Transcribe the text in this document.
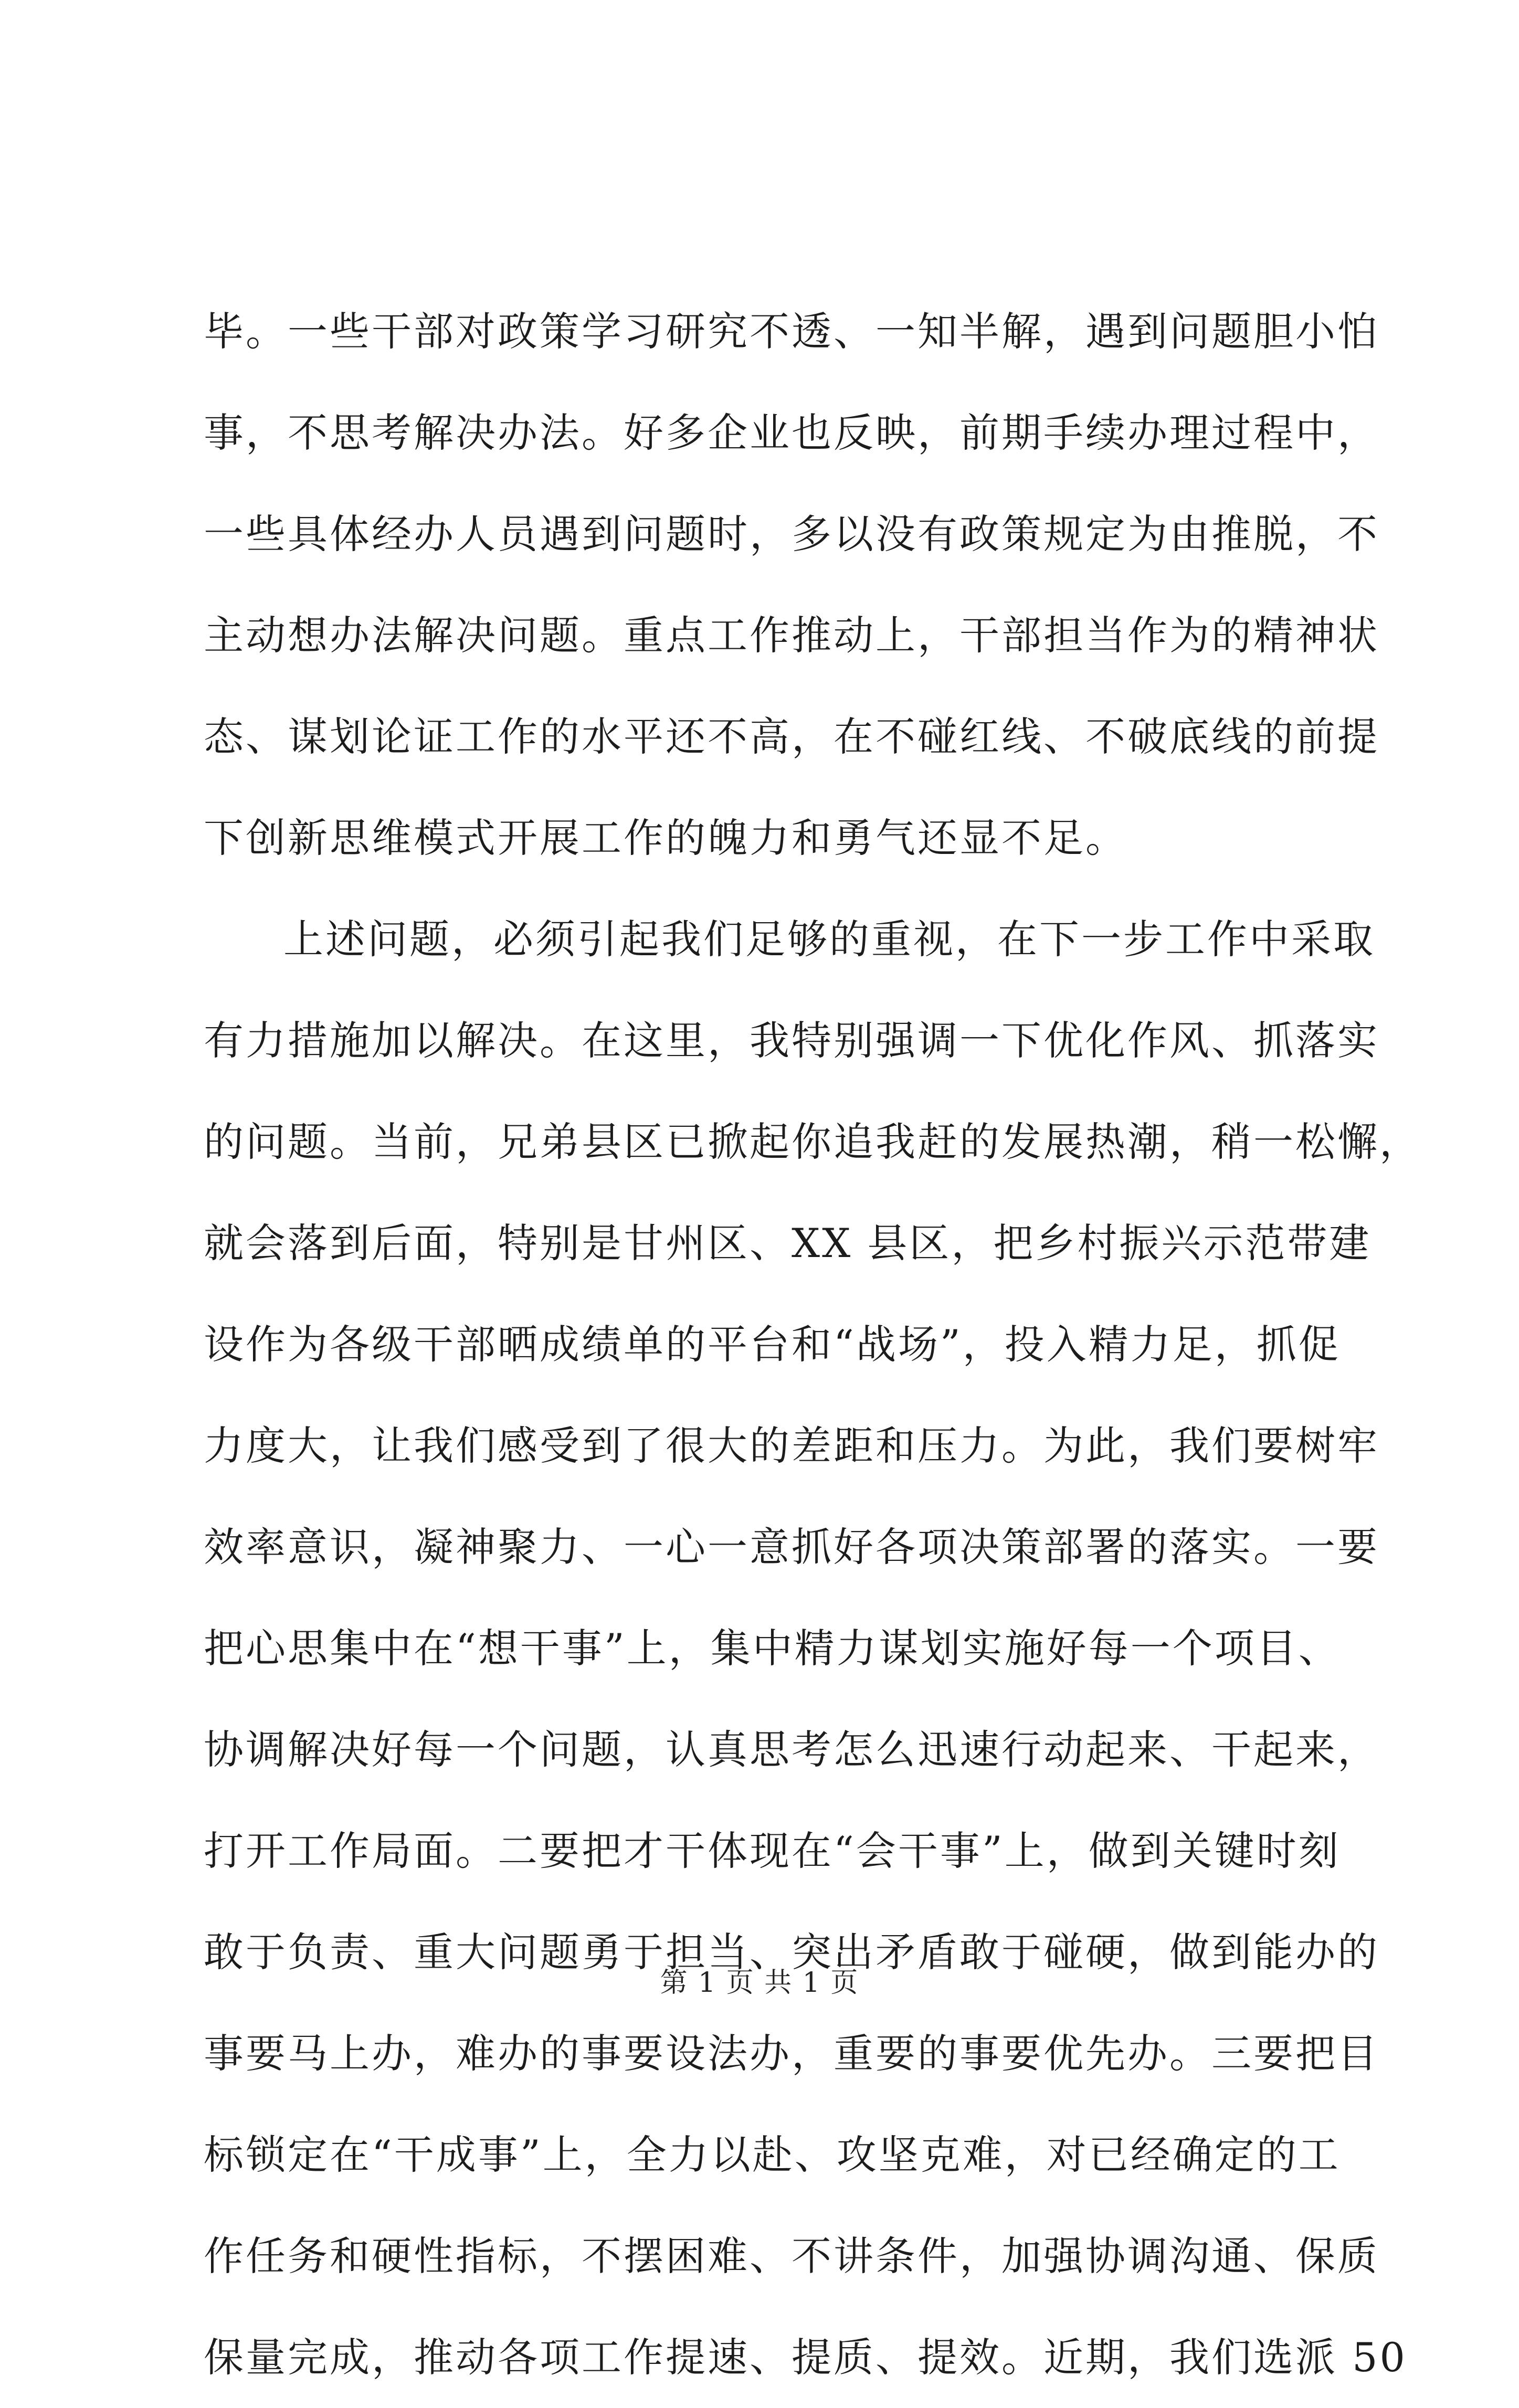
毕。一些干部对政策学习研究不透、一知半解，遇到问题胆小怕
事，不思考解决办法。好多企业也反映，前期手续办理过程中，
一些具体经办人员遇到问题时，多以没有政策规定为由推脱，不
主动想办法解决问题。重点工作推动上，干部担当作为的精神状
态、谋划论证工作的水平还不高，在不碰红线、不破底线的前提
下创新思维模式开展工作的魄力和勇气还显不足。
上述问题，必须引起我们足够的重视，在下一步工作中采取
有力措施加以解决。在这里，我特别强调一下优化作风、抓落实
的问题。当前，兄弟县区已掀起你追我赶的发展热潮，稍一松懈，
就会落到后面，特别是甘州区、XX 县区，把乡村振兴示范带建
设作为各级干部晒成绩单的平台和“战场”，投入精力足，抓促
力度大，让我们感受到了很大的差距和压力。为此，我们要树牢
效率意识，凝神聚力、一心一意抓好各项决策部署的落实。一要
把心思集中在“想干事”上，集中精力谋划实施好每一个项目、
协调解决好每一个问题，认真思考怎么迅速行动起来、干起来，
打开工作局面。二要把才干体现在“会干事”上，做到关键时刻
敢于负责、重大问题勇于担当、突出矛盾敢于碰硬，做到能办的
事要马上办，难办的事要设法办，重要的事要优先办。三要把目
标锁定在“干成事”上，全力以赴、攻坚克难，对已经确定的工
作任务和硬性指标，不摆困难、不讲条件，加强协调沟通、保质
保量完成，推动各项工作提速、提质、提效。近期，我们选派 50
第 1 页 共 1 页
